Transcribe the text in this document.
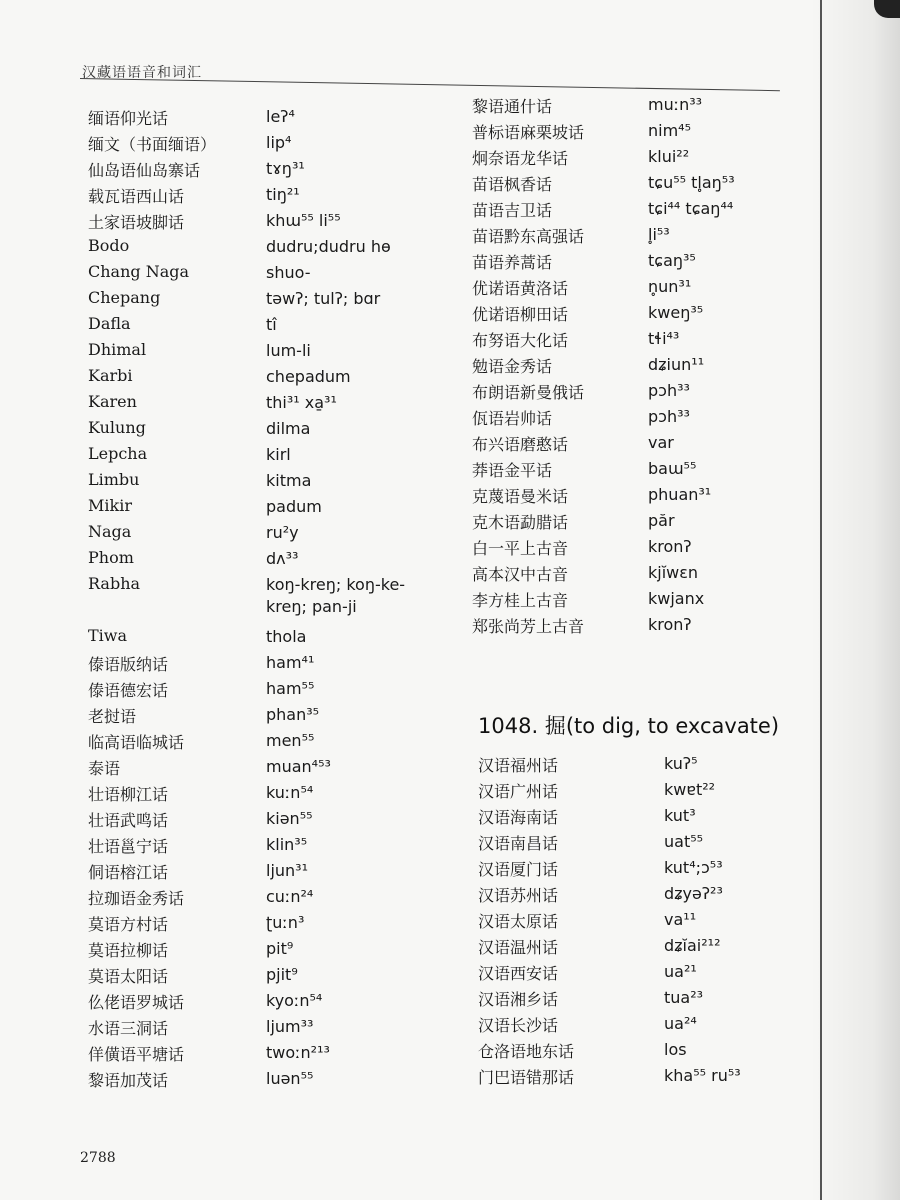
汉藏语语音和词汇
缅语仰光话	leʔ⁴
缅文（书面缅语）	lip⁴
仙岛语仙岛寨话	tɤŋ³¹
载瓦语西山话	tiŋ²¹
土家语坡脚话	khɯ⁵⁵ li⁵⁵
Bodo	dudru;dudru hɵ
Chang Naga	shuo-
Chepang	təwʔ; tulʔ; bɑr
Dafla	tî
Dhimal	lum-li
Karbi	chepadum
Karen	thi³¹ xa̱³¹
Kulung	dilma
Lepcha	kirl
Limbu	kitma
Mikir	padum
Naga	ru²y
Phom	dʌ³³
Rabha	koŋ-kreŋ; koŋ-ke-kreŋ; pan-ji
Tiwa	thola
傣语版纳话	ham⁴¹
傣语德宏话	ham⁵⁵
老挝语	phan³⁵
临高语临城话	men⁵⁵
泰语	muan⁴⁵³
壮语柳江话	kuːn⁵⁴
壮语武鸣话	kiən⁵⁵
壮语邕宁话	klin³⁵
侗语榕江话	ljun³¹
拉珈语金秀话	cuːn²⁴
莫语方村话	ʈuːn³
莫语拉柳话	pit⁹
莫语太阳话	pjit⁹
仫佬语罗城话	kyoːn⁵⁴
水语三洞话	ljum³³
佯僙语平塘话	twoːn²¹³
黎语加茂话	luən⁵⁵
黎语通什话	muːn³³
普标语麻栗坡话	nim⁴⁵
炯奈语龙华话	klui²²
苗语枫香话	tɕu⁵⁵ tl̥aŋ⁵³
苗语吉卫话	tɕi⁴⁴ tɕaŋ⁴⁴
苗语黔东高强话	l̥i⁵³
苗语养蒿话	tɕaŋ³⁵
优诺语黄洛话	n̥un³¹
优诺语柳田话	kweŋ³⁵
布努语大化话	tɬi⁴³
勉语金秀话	dʑiun¹¹
布朗语新曼俄话	pɔh³³
佤语岩帅话	pɔh³³
布兴语磨憨话	var
莽语金平话	baɯ⁵⁵
克蔑语曼米话	phuan³¹
克木语勐腊话	păr
白一平上古音	kronʔ
高本汉中古音	kjĭwɛn
李方桂上古音	kwjanx
郑张尚芳上古音	kronʔ
1048. 掘(to dig, to excavate)
汉语福州话	kuʔ⁵
汉语广州话	kwɐt²²
汉语海南话	kut³
汉语南昌话	uat⁵⁵
汉语厦门话	kut⁴;ɔ⁵³
汉语苏州话	dʑyəʔ²³
汉语太原话	va¹¹
汉语温州话	dʑĭai²¹²
汉语西安话	ua²¹
汉语湘乡话	tua²³
汉语长沙话	ua²⁴
仓洛语地东话	los
门巴语错那话	kha⁵⁵ ru⁵³
2788
